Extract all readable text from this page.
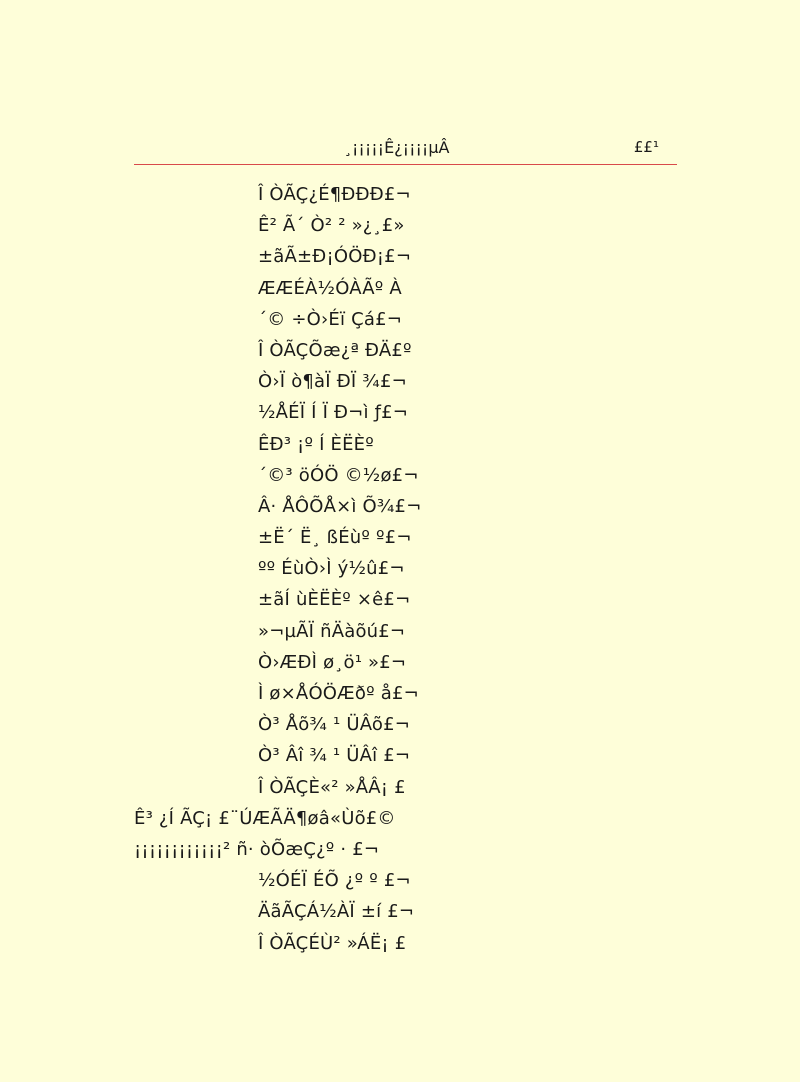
¸¡¡¡¡¡Ê¿¡¡¡¡µÂ	££¹
Î ÒÃÇ¿É¶ÐÐÐ£¬
Ê² Ã´ Ò² ² »¿¸£»
±ãÃ±Ð¡ÓÖÐ¡£¬
ÆÆÉÀ½ÓÀÃº À
´© ÷Ò›Éï Çá£¬
Î ÒÃÇÕæ¿ª ÐÄ£º
Ò›Ï ò¶àÏ ÐÏ ¾£¬
½ÅÉÏ Í Ï Ð¬ì ƒ£¬
ÊÐ³ ¡º Í ÈËÈº
´©³ öÓÖ ©½ø£¬
Â· ÅÔÕÅ×ì Õ¾£¬
±Ë´ Ë¸ ßÉùº º£¬
ºº ÉùÒ›Ì ý½û£¬
±ãÍ ùÈËÈº ×ê£¬
»¬µÃÏ ñÄàõú£¬
Ò›ÆÐÌ ø¸ö¹ »£¬
Ì ø×ÅÓÖÆðº å£¬
Ò³ Åõ¾ ¹ ÜÂõ£¬
Ò³ Âî ¾ ¹ ÜÂî £¬
Î ÒÃÇÈ«² »ÅÂ¡ £
Ê³ ¿Í ÃÇ¡ £¨ÚÆÃÄ¶øâ«Ùõ£©
¡¡¡¡¡¡¡¡¡¡¡¡² ñ· òÕæÇ¿º · £¬
½ÓÉÏ ÉÕ ¿º º £¬
ÄãÃÇÁ½ÀÏ ±í £¬
Î ÒÃÇÉÙ² »ÁË¡ £
